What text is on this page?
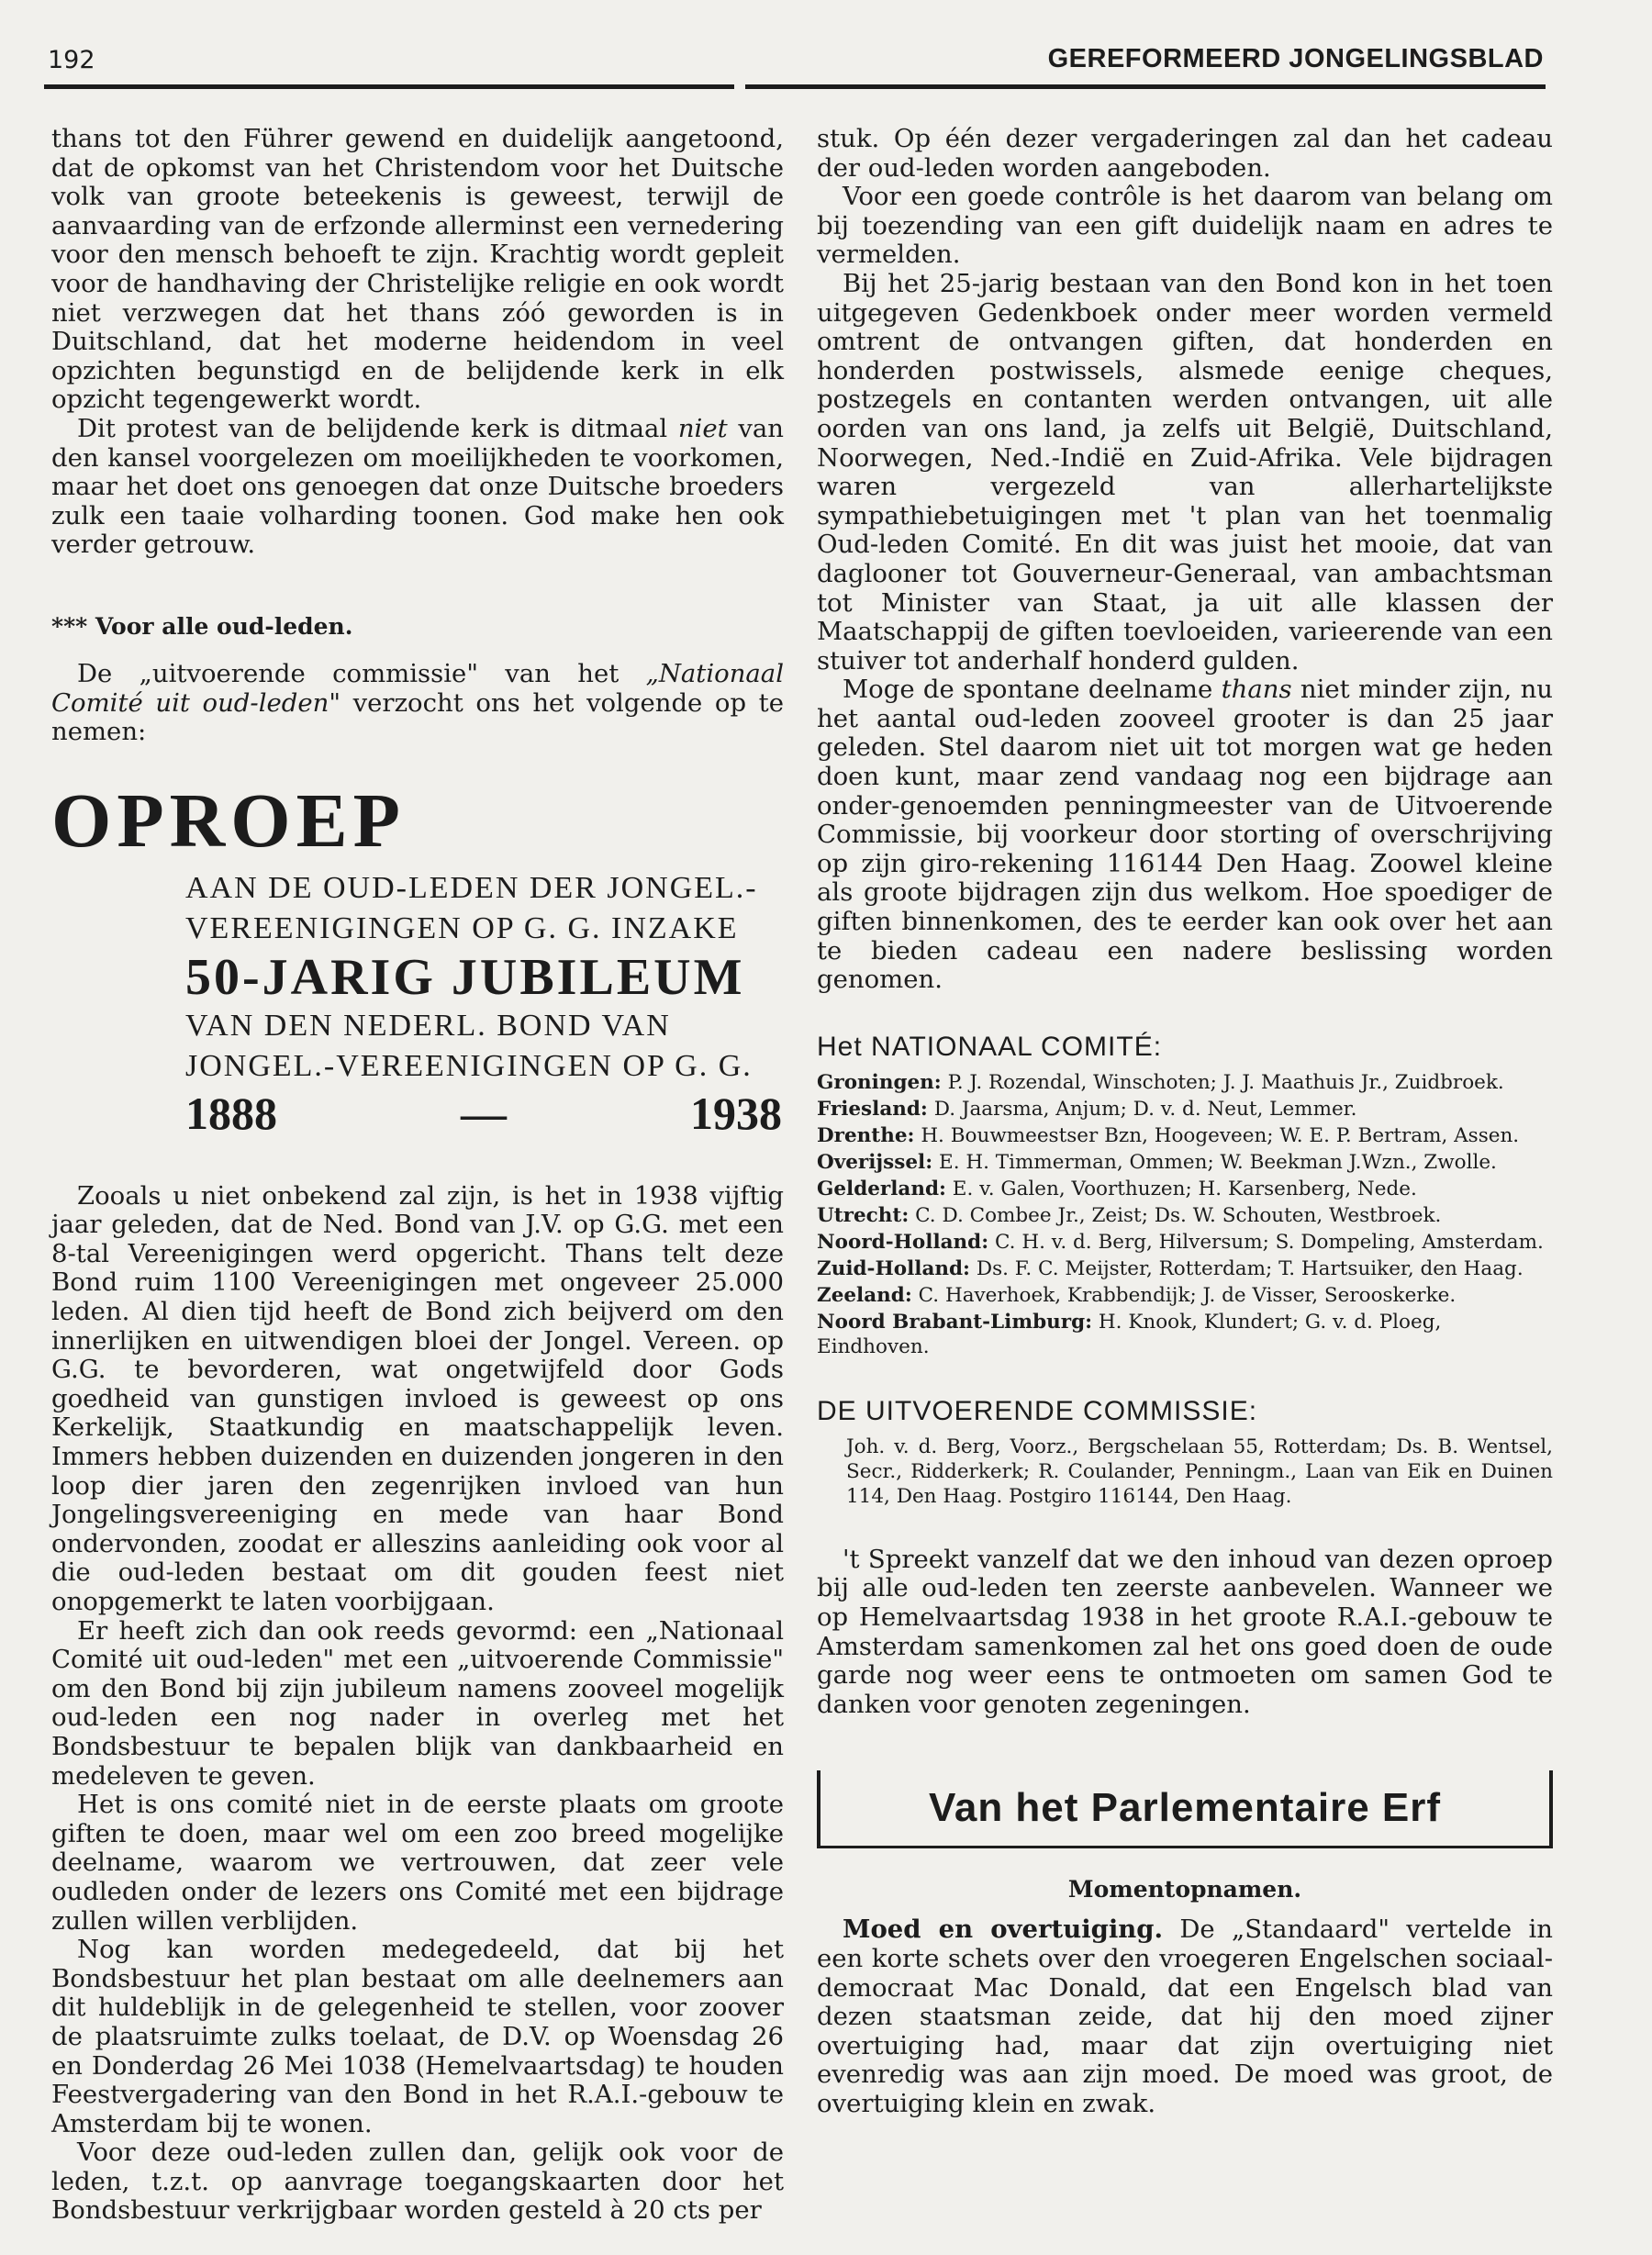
192	GEREFORMEERD JONGELINGSBLAD

thans tot den Führer gewend en duidelijk aangetoond, dat de opkomst van het Christendom voor het Duitsche volk van groote beteekenis is geweest, terwijl de aanvaarding van de erfzonde allerminst een vernedering voor den mensch behoeft te zijn. Krachtig wordt gepleit voor de handhaving der Christelijke religie en ook wordt niet verzwegen dat het thans zóó geworden is in Duitschland, dat het moderne heidendom in veel opzichten begunstigd en de belijdende kerk in elk opzicht tegengewerkt wordt.

Dit protest van de belijdende kerk is ditmaal niet van den kansel voorgelezen om moeilijkheden te voorkomen, maar het doet ons genoegen dat onze Duitsche broeders zulk een taaie volharding toonen. God make hen ook verder getrouw.

*** Voor alle oud-leden.

De „uitvoerende commissie" van het „Nationaal Comité uit oud-leden" verzocht ons het volgende op te nemen:

OPROEP
AAN DE OUD-LEDEN DER JONGEL.-
VEREENIGINGEN OP G. G. INZAKE
50-JARIG JUBILEUM
VAN DEN NEDERL. BOND VAN
JONGEL.-VEREENIGINGEN OP G. G.
1888	—	1938

Zooals u niet onbekend zal zijn, is het in 1938 vijftig jaar geleden, dat de Ned. Bond van J.V. op G.G. met een 8-tal Vereenigingen werd opgericht. Thans telt deze Bond ruim 1100 Vereenigingen met ongeveer 25.000 leden. Al dien tijd heeft de Bond zich beijverd om den innerlijken en uitwendigen bloei der Jongel. Vereen. op G.G. te bevorderen, wat ongetwijfeld door Gods goedheid van gunstigen invloed is geweest op ons Kerkelijk, Staatkundig en maatschappelijk leven. Immers hebben duizenden en duizenden jongeren in den loop dier jaren den zegenrijken invloed van hun Jongelingsvereeniging en mede van haar Bond ondervonden, zoodat er alleszins aanleiding ook voor al die oud-leden bestaat om dit gouden feest niet onopgemerkt te laten voorbijgaan.

Er heeft zich dan ook reeds gevormd: een „Nationaal Comité uit oud-leden" met een „uitvoerende Commissie" om den Bond bij zijn jubileum namens zooveel mogelijk oud-leden een nog nader in overleg met het Bondsbestuur te bepalen blijk van dankbaarheid en medeleven te geven.

Het is ons comité niet in de eerste plaats om groote giften te doen, maar wel om een zoo breed mogelijke deelname, waarom we vertrouwen, dat zeer vele oudleden onder de lezers ons Comité met een bijdrage zullen willen verblijden.

Nog kan worden medegedeeld, dat bij het Bondsbestuur het plan bestaat om alle deelnemers aan dit huldeblijk in de gelegenheid te stellen, voor zoover de plaatsruimte zulks toelaat, de D.V. op Woensdag 26 en Donderdag 26 Mei 1038 (Hemelvaartsdag) te houden Feestvergadering van den Bond in het R.A.I.-gebouw te Amsterdam bij te wonen.

Voor deze oud-leden zullen dan, gelijk ook voor de leden, t.z.t. op aanvrage toegangskaarten door het Bondsbestuur verkrijgbaar worden gesteld à 20 cts per

stuk. Op één dezer vergaderingen zal dan het cadeau der oud-leden worden aangeboden.

Voor een goede contrôle is het daarom van belang om bij toezending van een gift duidelijk naam en adres te vermelden.

Bij het 25-jarig bestaan van den Bond kon in het toen uitgegeven Gedenkboek onder meer worden vermeld omtrent de ontvangen giften, dat honderden en honderden postwissels, alsmede eenige cheques, postzegels en contanten werden ontvangen, uit alle oorden van ons land, ja zelfs uit België, Duitschland, Noorwegen, Ned.-Indië en Zuid-Afrika. Vele bijdragen waren vergezeld van allerhartelijkste sympathiebetuigingen met 't plan van het toenmalig Oud-leden Comité. En dit was juist het mooie, dat van daglooner tot Gouverneur-Generaal, van ambachtsman tot Minister van Staat, ja uit alle klassen der Maatschappij de giften toevloeiden, varieerende van een stuiver tot anderhalf honderd gulden.

Moge de spontane deelname thans niet minder zijn, nu het aantal oud-leden zooveel grooter is dan 25 jaar geleden. Stel daarom niet uit tot morgen wat ge heden doen kunt, maar zend vandaag nog een bijdrage aan onder-genoemden penningmeester van de Uitvoerende Commissie, bij voorkeur door storting of overschrijving op zijn giro-rekening 116144 Den Haag. Zoowel kleine als groote bijdragen zijn dus welkom. Hoe spoediger de giften binnenkomen, des te eerder kan ook over het aan te bieden cadeau een nadere beslissing worden genomen.

Het NATIONAAL COMITÉ:
Groningen: P. J. Rozendal, Winschoten; J. J. Maathuis Jr., Zuidbroek.
Friesland: D. Jaarsma, Anjum; D. v. d. Neut, Lemmer.
Drenthe: H. Bouwmeestser Bzn, Hoogeveen; W. E. P. Bertram, Assen.
Overijssel: E. H. Timmerman, Ommen; W. Beekman J.Wzn., Zwolle.
Gelderland: E. v. Galen, Voorthuzen; H. Karsenberg, Nede.
Utrecht: C. D. Combee Jr., Zeist; Ds. W. Schouten, Westbroek.
Noord-Holland: C. H. v. d. Berg, Hilversum; S. Dompeling, Amsterdam.
Zuid-Holland: Ds. F. C. Meijster, Rotterdam; T. Hartsuiker, den Haag.
Zeeland: C. Haverhoek, Krabbendijk; J. de Visser, Serooskerke.
Noord Brabant-Limburg: H. Knook, Klundert; G. v. d. Ploeg, Eindhoven.
DE UITVOERENDE COMMISSIE:
Joh. v. d. Berg, Voorz., Bergschelaan 55, Rotterdam; Ds. B. Wentsel, Secr., Ridderkerk; R. Coulander, Penningm., Laan van Eik en Duinen 114, Den Haag. Postgiro 116144, Den Haag.

't Spreekt vanzelf dat we den inhoud van dezen oproep bij alle oud-leden ten zeerste aanbevelen. Wanneer we op Hemelvaartsdag 1938 in het groote R.A.I.-gebouw te Amsterdam samenkomen zal het ons goed doen de oude garde nog weer eens te ontmoeten om samen God te danken voor genoten zegeningen.

Van het Parlementaire Erf
Momentopnamen.

Moed en overtuiging. De „Standaard" vertelde in een korte schets over den vroegeren Engelschen sociaal-democraat Mac Donald, dat een Engelsch blad van dezen staatsman zeide, dat hij den moed zijner overtuiging had, maar dat zijn overtuiging niet evenredig was aan zijn moed. De moed was groot, de overtuiging klein en zwak.
